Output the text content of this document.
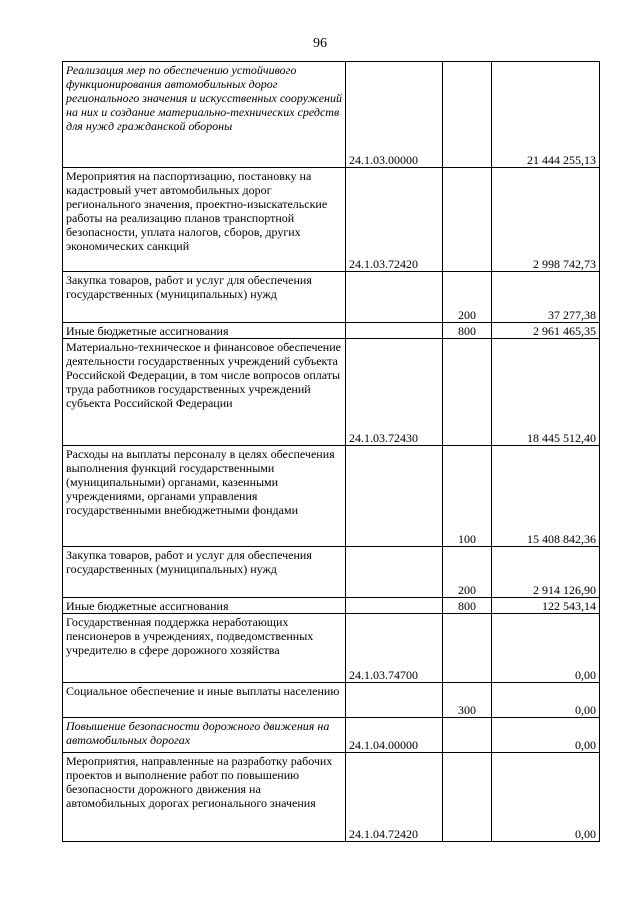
96
Реализация мер по обеспечению устойчивого функционирования автомобильных дорог регионального значения и искусственных сооружений на них и создание материально-технических средств для нужд гражданской обороны	24.1.03.00000		21 444 255,13

Мероприятия на паспортизацию, постановку на кадастровый учет автомобильных дорог регионального значения, проектно-изыскательские работы на реализацию планов транспортной безопасности, уплата налогов, сборов, других экономических санкций	24.1.03.72420		2 998 742,73

Закупка товаров, работ и услуг для обеспечения государственных (муниципальных) нужд		200	37 277,38

Иные бюджетные ассигнования		800	2 961 465,35

Материально-техническое и финансовое обеспечение деятельности государственных учреждений субъекта Российской Федерации, в том числе вопросов оплаты труда работников государственных учреждений субъекта Российской Федерации	24.1.03.72430		18 445 512,40

Расходы на выплаты персоналу в целях обеспечения выполнения функций государственными (муниципальными) органами, казенными учреждениями, органами управления государственными внебюджетными фондами		100	15 408 842,36

Закупка товаров, работ и услуг для обеспечения государственных (муниципальных) нужд		200	2 914 126,90

Иные бюджетные ассигнования		800	122 543,14

Государственная поддержка неработающих пенсионеров в учреждениях, подведомственных учредителю в сфере дорожного хозяйства	24.1.03.74700		0,00

Социальное обеспечение и иные выплаты населению		300	0,00

Повышение безопасности дорожного движения на автомобильных дорогах	24.1.04.00000		0,00

Мероприятия, направленные на разработку рабочих проектов и выполнение работ по повышению безопасности дорожного движения на автомобильных дорогах регионального значения	24.1.04.72420		0,00
